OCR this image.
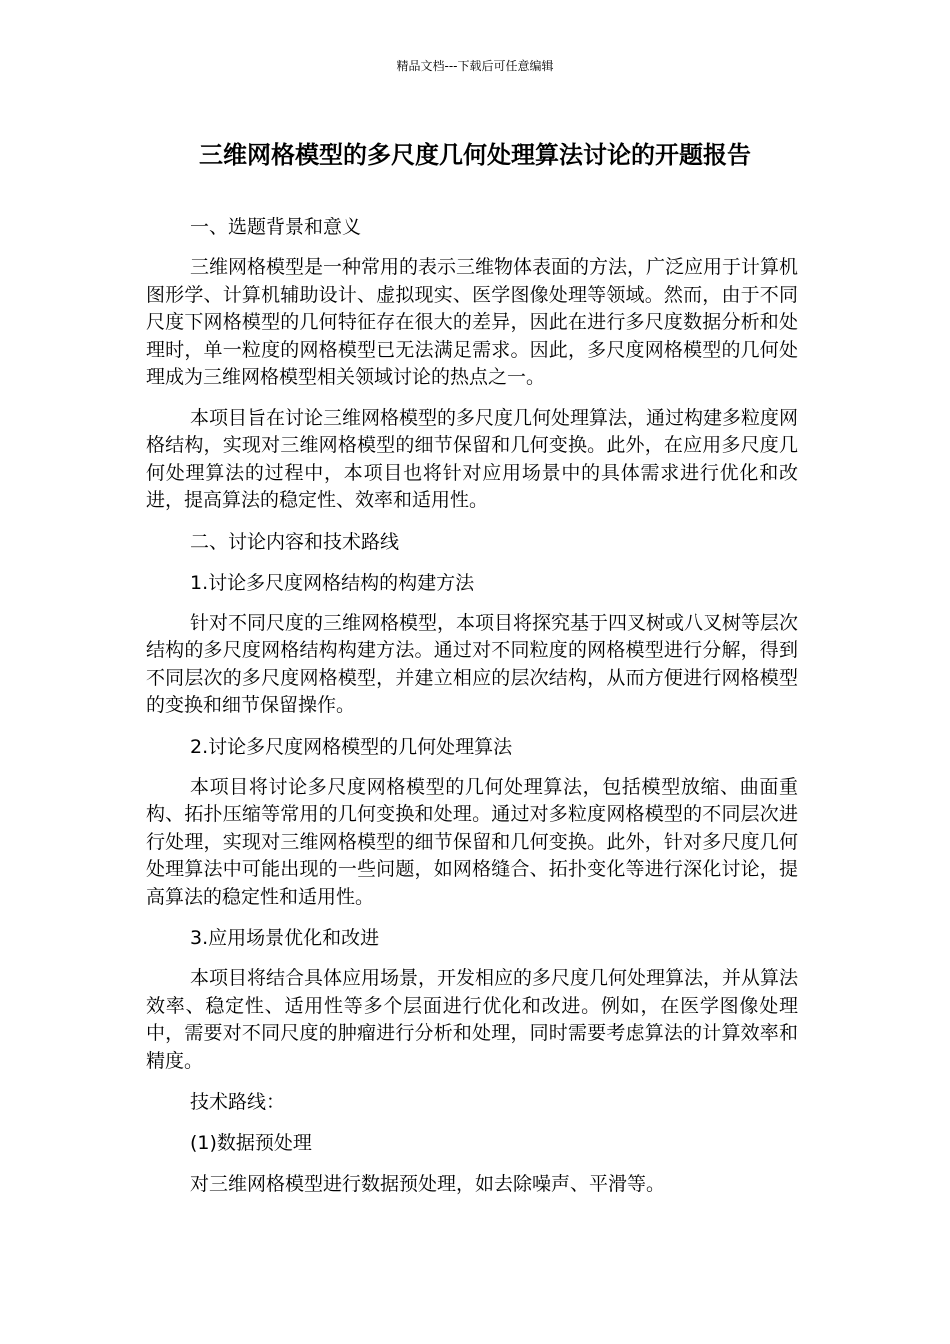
精品文档---下载后可任意编辑
三维网格模型的多尺度几何处理算法讨论的开题报告
一、选题背景和意义

三维网格模型是一种常用的表示三维物体表面的方法，广泛应用于计算机图形学、计算机辅助设计、虚拟现实、医学图像处理等领域。然而，由于不同尺度下网格模型的几何特征存在很大的差异，因此在进行多尺度数据分析和处理时，单一粒度的网格模型已无法满足需求。因此，多尺度网格模型的几何处理成为三维网格模型相关领域讨论的热点之一。

本项目旨在讨论三维网格模型的多尺度几何处理算法，通过构建多粒度网格结构，实现对三维网格模型的细节保留和几何变换。此外，在应用多尺度几何处理算法的过程中，本项目也将针对应用场景中的具体需求进行优化和改进，提高算法的稳定性、效率和适用性。

二、讨论内容和技术路线
1.讨论多尺度网格结构的构建方法

针对不同尺度的三维网格模型，本项目将探究基于四叉树或八叉树等层次结构的多尺度网格结构构建方法。通过对不同粒度的网格模型进行分解，得到不同层次的多尺度网格模型，并建立相应的层次结构，从而方便进行网格模型的变换和细节保留操作。

2.讨论多尺度网格模型的几何处理算法

本项目将讨论多尺度网格模型的几何处理算法，包括模型放缩、曲面重构、拓扑压缩等常用的几何变换和处理。通过对多粒度网格模型的不同层次进行处理，实现对三维网格模型的细节保留和几何变换。此外，针对多尺度几何处理算法中可能出现的一些问题，如网格缝合、拓扑变化等进行深化讨论，提高算法的稳定性和适用性。

3.应用场景优化和改进

本项目将结合具体应用场景，开发相应的多尺度几何处理算法，并从算法效率、稳定性、适用性等多个层面进行优化和改进。例如，在医学图像处理中，需要对不同尺度的肿瘤进行分析和处理，同时需要考虑算法的计算效率和精度。

技术路线：
(1)数据预处理
对三维网格模型进行数据预处理，如去除噪声、平滑等。
